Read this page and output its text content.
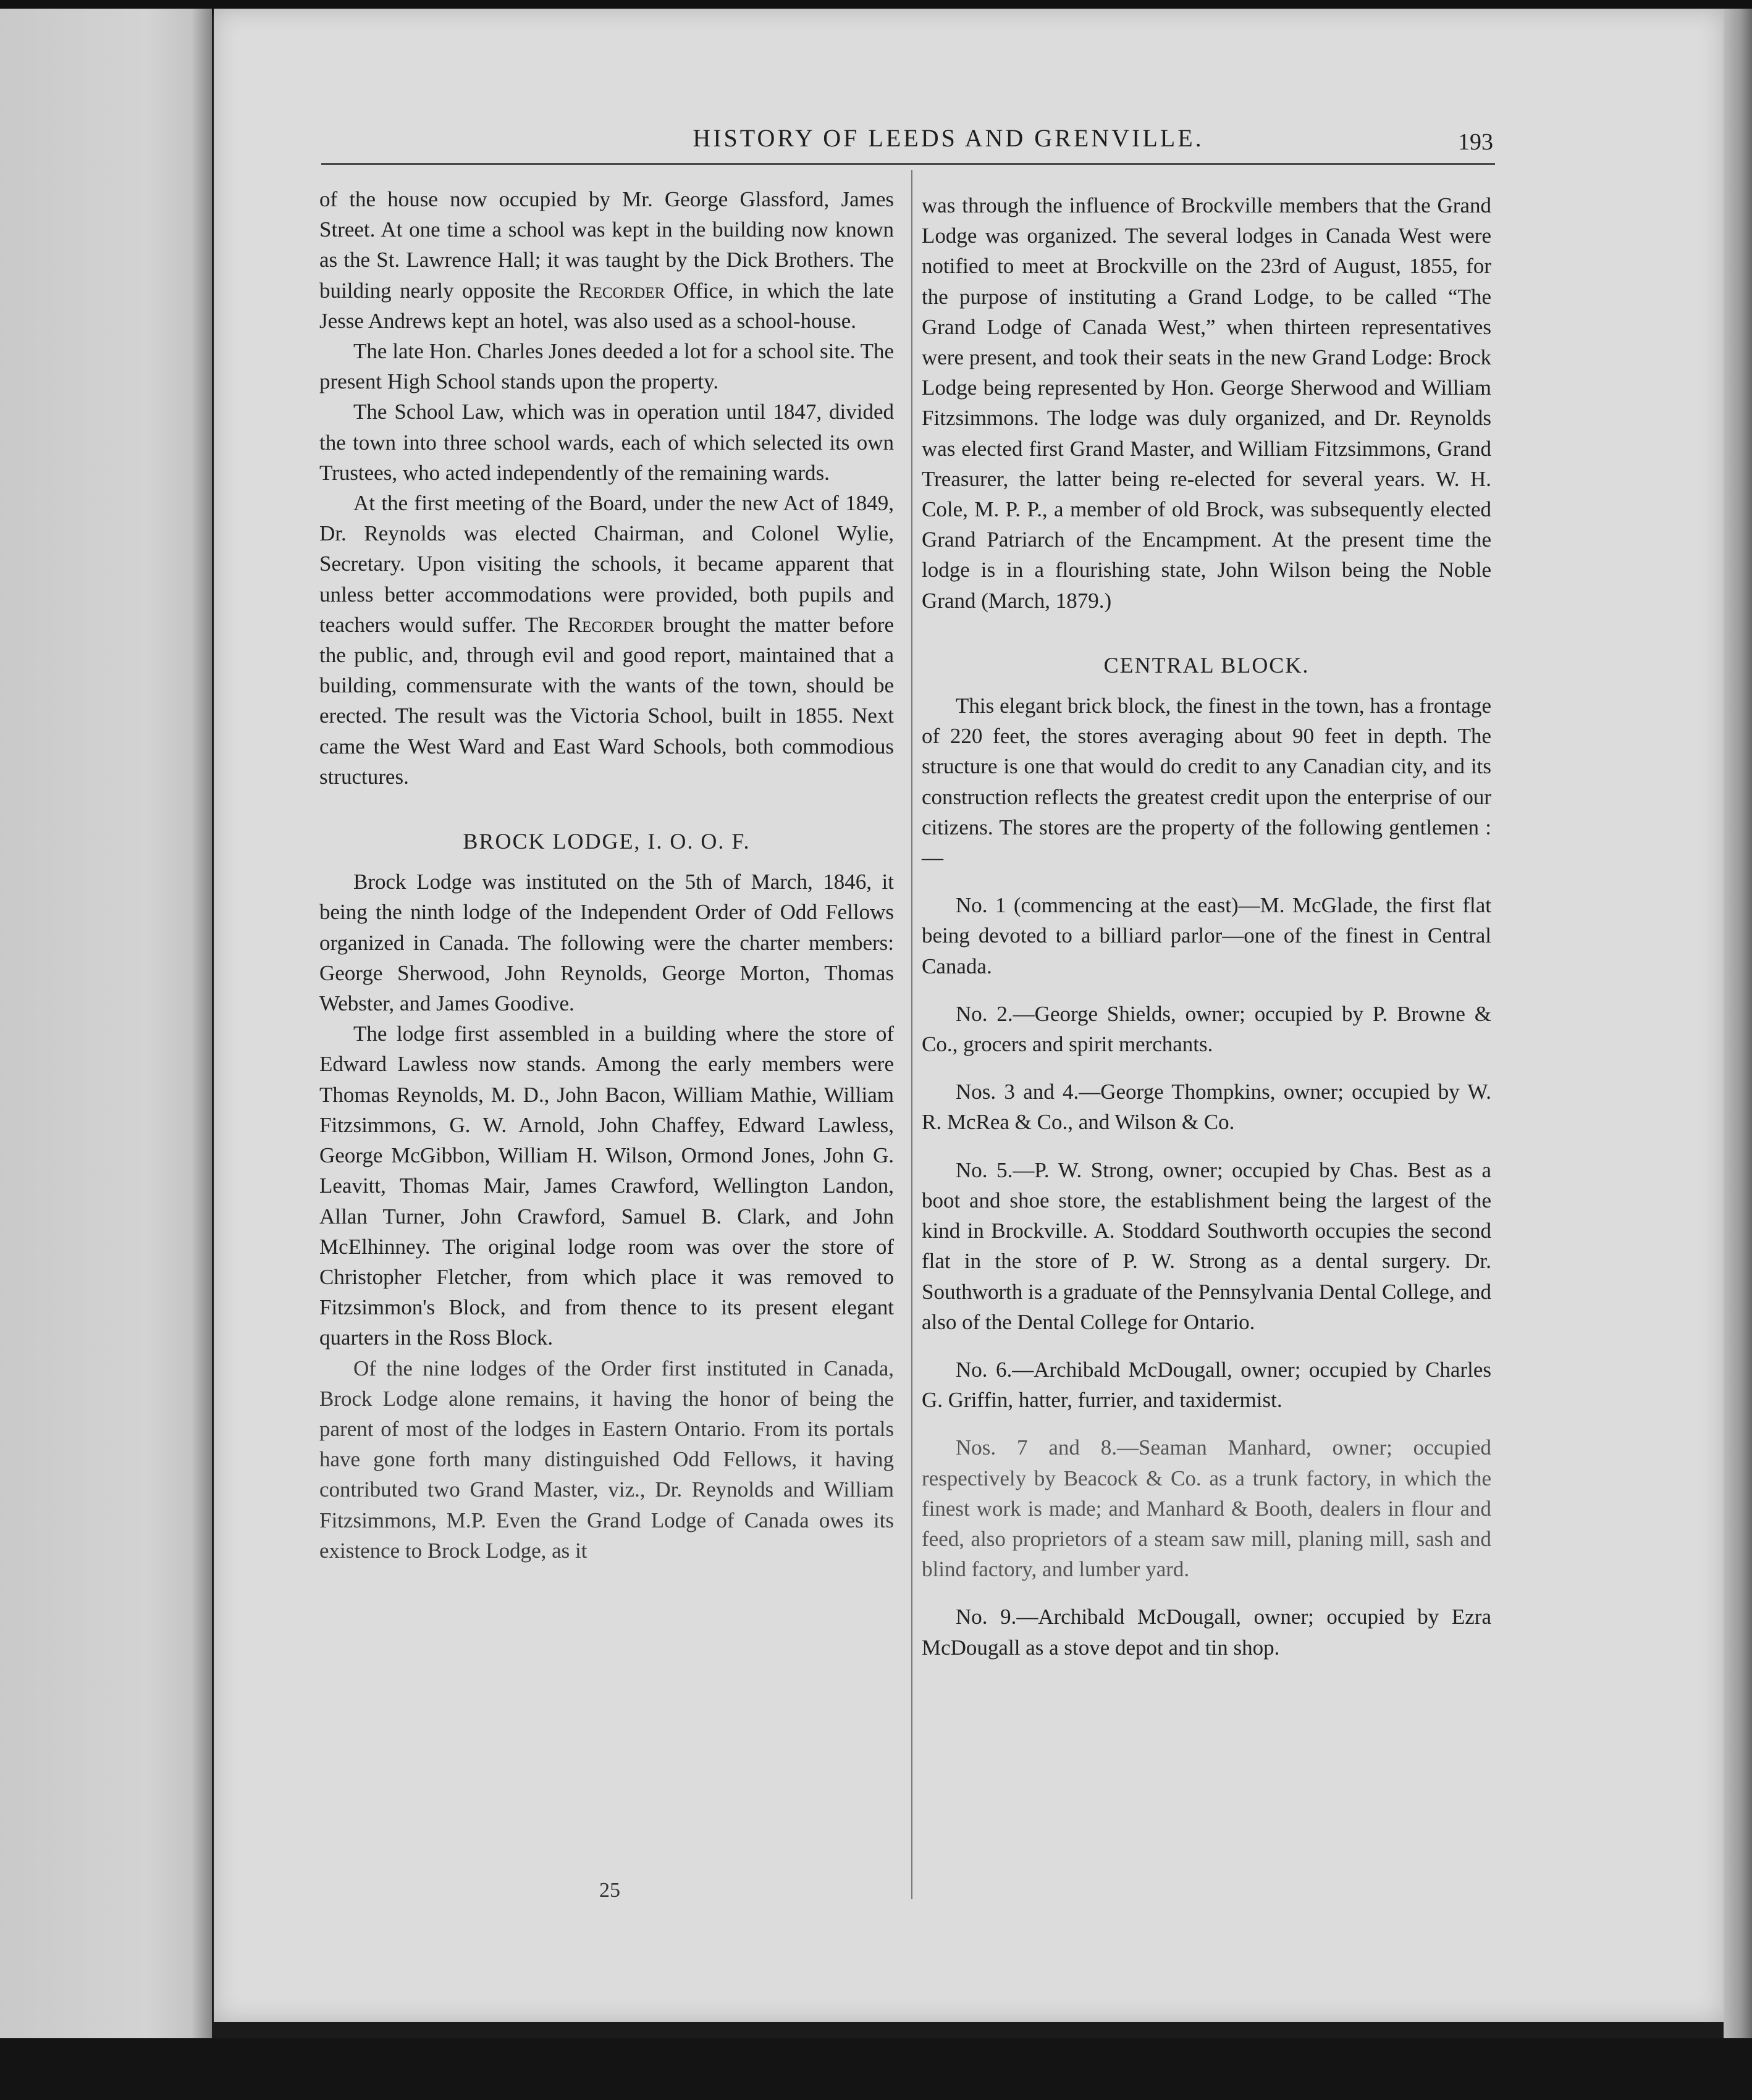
HISTORY OF LEEDS AND GRENVILLE.	193

of the house now occupied by Mr. George Glassford, James Street. At one time a school was kept in the building now known as the St. Lawrence Hall; it was taught by the Dick Brothers. The building nearly opposite the Recorder Office, in which the late Jesse Andrews kept an hotel, was also used as a school-house.

The late Hon. Charles Jones deeded a lot for a school site. The present High School stands upon the property.

The School Law, which was in operation until 1847, divided the town into three school wards, each of which selected its own Trustees, who acted independently of the remaining wards.

At the first meeting of the Board, under the new Act of 1849, Dr. Reynolds was elected Chairman, and Colonel Wylie, Secretary. Upon visiting the schools, it became apparent that unless better accommodations were provided, both pupils and teachers would suffer. The Recorder brought the matter before the public, and, through evil and good report, maintained that a building, commensurate with the wants of the town, should be erected. The result was the Victoria School, built in 1855. Next came the West Ward and East Ward Schools, both commodious structures.

BROCK LODGE, I. O. O. F.

Brock Lodge was instituted on the 5th of March, 1846, it being the ninth lodge of the Independent Order of Odd Fellows organized in Canada. The following were the charter members: George Sherwood, John Reynolds, George Morton, Thomas Webster, and James Goodive.

The lodge first assembled in a building where the store of Edward Lawless now stands. Among the early members were Thomas Reynolds, M. D., John Bacon, William Mathie, William Fitzsimmons, G. W. Arnold, John Chaffey, Edward Lawless, George McGibbon, William H. Wilson, Ormond Jones, John G. Leavitt, Thomas Mair, James Crawford, Wellington Landon, Allan Turner, John Crawford, Samuel B. Clark, and John McElhinney. The original lodge room was over the store of Christopher Fletcher, from which place it was removed to Fitzsimmon's Block, and from thence to its present elegant quarters in the Ross Block.

Of the nine lodges of the Order first instituted in Canada, Brock Lodge alone remains, it having the honor of being the parent of most of the lodges in Eastern Ontario. From its portals have gone forth many distinguished Odd Fellows, it having contributed two Grand Master, viz., Dr. Reynolds and William Fitzsimmons, M.P. Even the Grand Lodge of Canada owes its existence to Brock Lodge, as it

was through the influence of Brockville members that the Grand Lodge was organized. The several lodges in Canada West were notified to meet at Brockville on the 23rd of August, 1855, for the purpose of instituting a Grand Lodge, to be called “The Grand Lodge of Canada West,” when thirteen representatives were present, and took their seats in the new Grand Lodge: Brock Lodge being represented by Hon. George Sherwood and William Fitzsimmons. The lodge was duly organized, and Dr. Reynolds was elected first Grand Master, and William Fitzsimmons, Grand Treasurer, the latter being re-elected for several years. W. H. Cole, M. P. P., a member of old Brock, was subsequently elected Grand Patriarch of the Encampment. At the present time the lodge is in a flourishing state, John Wilson being the Noble Grand (March, 1879.)

CENTRAL BLOCK.

This elegant brick block, the finest in the town, has a frontage of 220 feet, the stores averaging about 90 feet in depth. The structure is one that would do credit to any Canadian city, and its construction reflects the greatest credit upon the enterprise of our citizens. The stores are the property of the following gentlemen :—

No. 1 (commencing at the east)—M. McGlade, the first flat being devoted to a billiard parlor—one of the finest in Central Canada.

No. 2.—George Shields, owner; occupied by P. Browne & Co., grocers and spirit merchants.

Nos. 3 and 4.—George Thompkins, owner; occupied by W. R. McRea & Co., and Wilson & Co.

No. 5.—P. W. Strong, owner; occupied by Chas. Best as a boot and shoe store, the establishment being the largest of the kind in Brockville. A. Stoddard Southworth occupies the second flat in the store of P. W. Strong as a dental surgery. Dr. Southworth is a graduate of the Pennsylvania Dental College, and also of the Dental College for Ontario.

No. 6.—Archibald McDougall, owner; occupied by Charles G. Griffin, hatter, furrier, and taxidermist.

Nos. 7 and 8.—Seaman Manhard, owner; occupied respectively by Beacock & Co. as a trunk factory, in which the finest work is made; and Manhard & Booth, dealers in flour and feed, also proprietors of a steam saw mill, planing mill, sash and blind factory, and lumber yard.

No. 9.—Archibald McDougall, owner; occupied by Ezra McDougall as a stove depot and tin shop.

25
